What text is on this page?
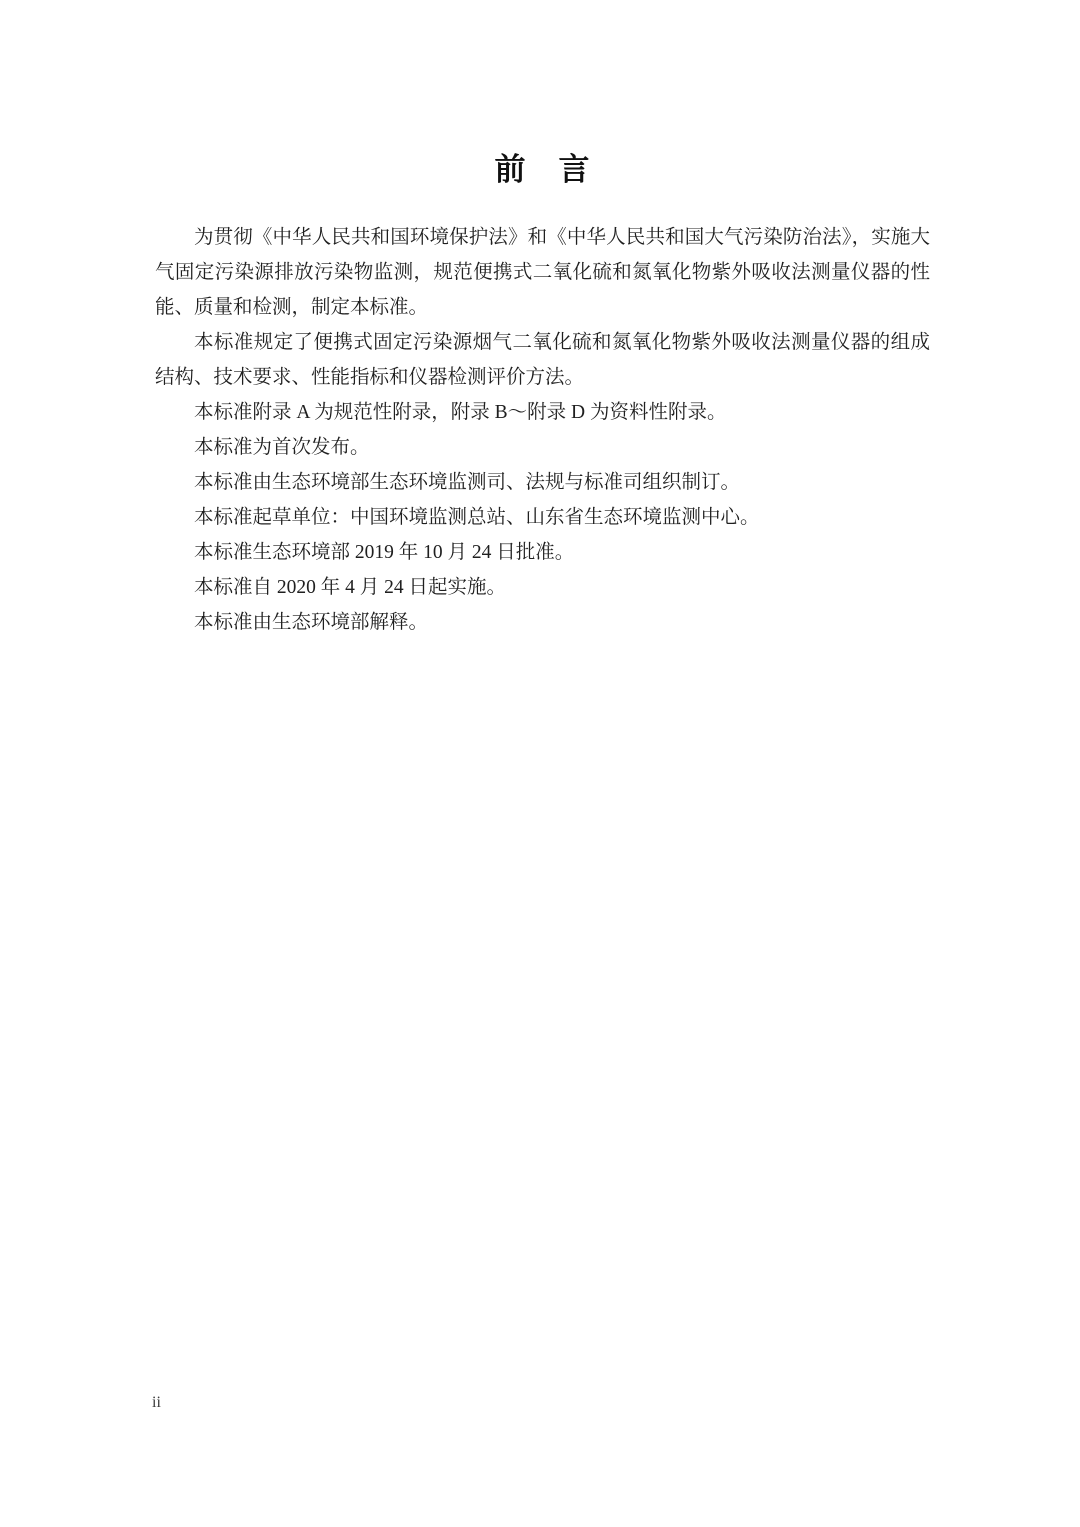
前　言

为贯彻《中华人民共和国环境保护法》和《中华人民共和国大气污染防治法》，实施大气固定污染源排放污染物监测，规范便携式二氧化硫和氮氧化物紫外吸收法测量仪器的性能、质量和检测，制定本标准。

本标准规定了便携式固定污染源烟气二氧化硫和氮氧化物紫外吸收法测量仪器的组成结构、技术要求、性能指标和仪器检测评价方法。

本标准附录 A 为规范性附录，附录 B～附录 D 为资料性附录。

本标准为首次发布。

本标准由生态环境部生态环境监测司、法规与标准司组织制订。

本标准起草单位：中国环境监测总站、山东省生态环境监测中心。

本标准生态环境部 2019 年 10 月 24 日批准。

本标准自 2020 年 4 月 24 日起实施。

本标准由生态环境部解释。

ii
